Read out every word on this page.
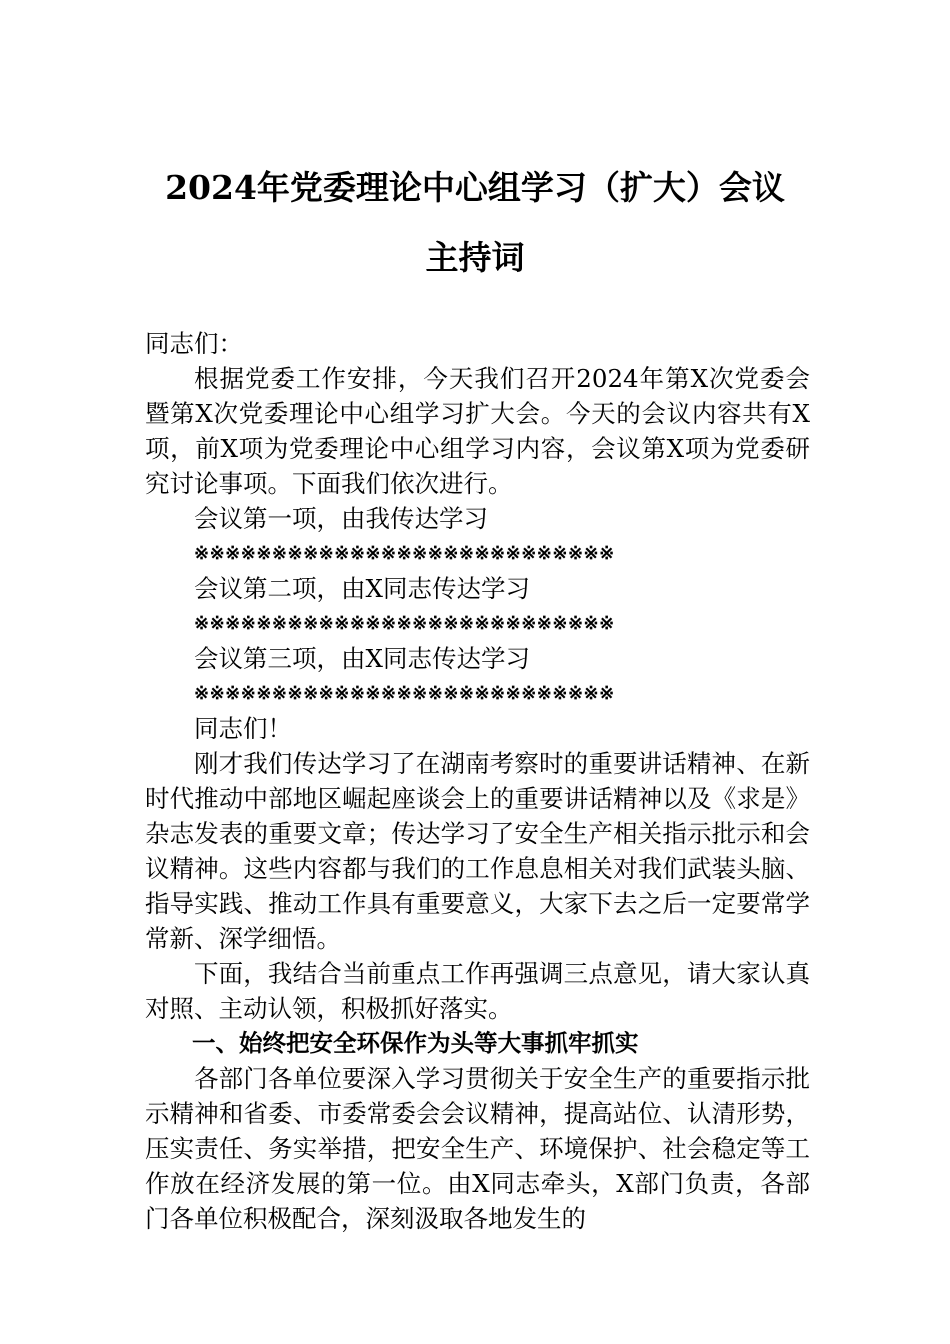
2024年党委理论中心组学习（扩大）会议
主持词

同志们：

根据党委工作安排，今天我们召开2024年第X次党委会暨第X次党委理论中心组学习扩大会。今天的会议内容共有X项，前X项为党委理论中心组学习内容，会议第X项为党委研究讨论事项。下面我们依次进行。

会议第一项，由我传达学习

※※※※※※※※※※※※※※※※※※※※※※※※※※※

会议第二项，由X同志传达学习

※※※※※※※※※※※※※※※※※※※※※※※※※※※

会议第三项，由X同志传达学习

※※※※※※※※※※※※※※※※※※※※※※※※※※※

同志们！

刚才我们传达学习了在湖南考察时的重要讲话精神、在新时代推动中部地区崛起座谈会上的重要讲话精神以及《求是》杂志发表的重要文章；传达学习了安全生产相关指示批示和会议精神。这些内容都与我们的工作息息相关对我们武装头脑、指导实践、推动工作具有重要意义，大家下去之后一定要常学常新、深学细悟。

下面，我结合当前重点工作再强调三点意见，请大家认真对照、主动认领，积极抓好落实。

一、始终把安全环保作为头等大事抓牢抓实

各部门各单位要深入学习贯彻关于安全生产的重要指示批示精神和省委、市委常委会会议精神，提高站位、认清形势，压实责任、务实举措，把安全生产、环境保护、社会稳定等工作放在经济发展的第一位。由X同志牵头，X部门负责，各部门各单位积极配合，深刻汲取各地发生的
